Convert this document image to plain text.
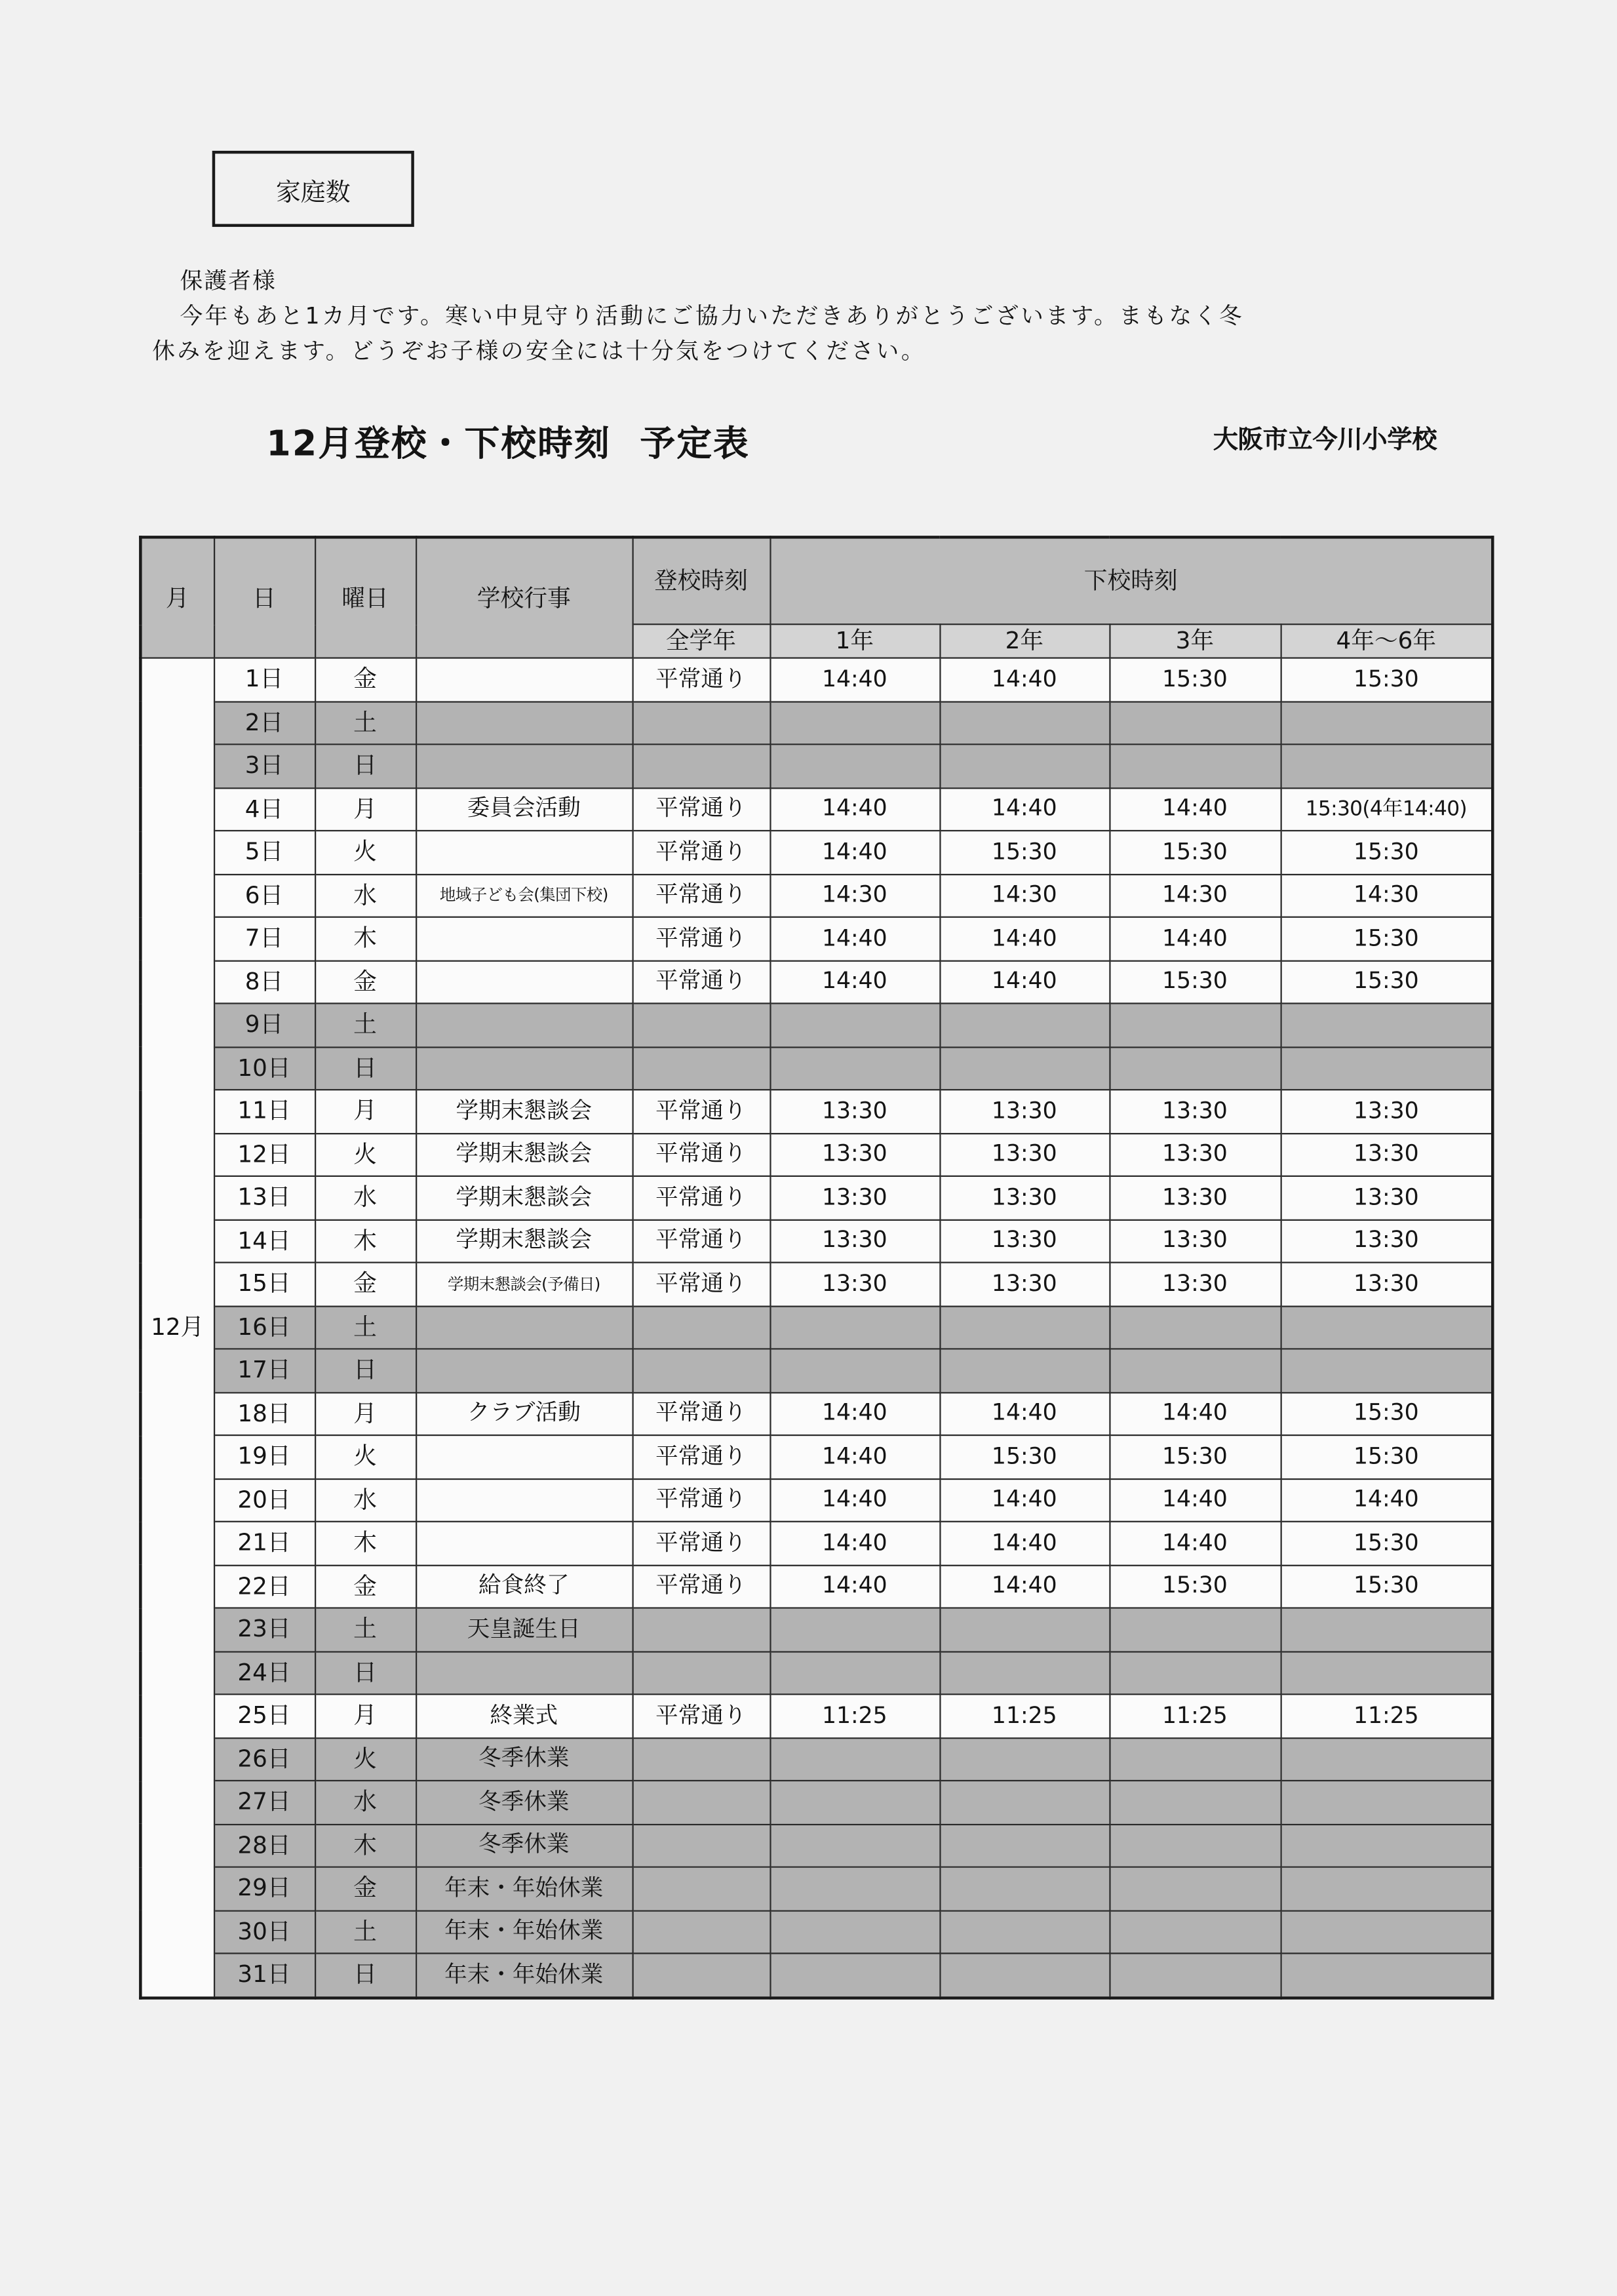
家庭数
保護者様
今年もあと1カ月です。寒い中見守り活動にご協力いただきありがとうございます。まもなく冬
休みを迎えます。どうぞお子様の安全には十分気をつけてください。
12月登校・下校時刻 予定表	大阪市立今川小学校
月	日	曜日	学校行事	登校時刻	下校時刻			
				全学年	1年	2年	3年	4年～6年
12月	1日	金		平常通り	14:40	14:40	15:30	15:30
	2日	土						
	3日	日						
	4日	月	委員会活動	平常通り	14:40	14:40	14:40	15:30(4年14:40)
	5日	火		平常通り	14:40	15:30	15:30	15:30
	6日	水	地域子ども会(集団下校)	平常通り	14:30	14:30	14:30	14:30
	7日	木		平常通り	14:40	14:40	14:40	15:30
	8日	金		平常通り	14:40	14:40	15:30	15:30
	9日	土						
	10日	日						
	11日	月	学期末懇談会	平常通り	13:30	13:30	13:30	13:30
	12日	火	学期末懇談会	平常通り	13:30	13:30	13:30	13:30
	13日	水	学期末懇談会	平常通り	13:30	13:30	13:30	13:30
	14日	木	学期末懇談会	平常通り	13:30	13:30	13:30	13:30
	15日	金	学期末懇談会(予備日)	平常通り	13:30	13:30	13:30	13:30
	16日	土						
	17日	日						
	18日	月	クラブ活動	平常通り	14:40	14:40	14:40	15:30
	19日	火		平常通り	14:40	15:30	15:30	15:30
	20日	水		平常通り	14:40	14:40	14:40	14:40
	21日	木		平常通り	14:40	14:40	14:40	15:30
	22日	金	給食終了	平常通り	14:40	14:40	15:30	15:30
	23日	土	天皇誕生日					
	24日	日						
	25日	月	終業式	平常通り	11:25	11:25	11:25	11:25
	26日	火	冬季休業					
	27日	水	冬季休業					
	28日	木	冬季休業					
	29日	金	年末・年始休業					
	30日	土	年末・年始休業					
	31日	日	年末・年始休業					
